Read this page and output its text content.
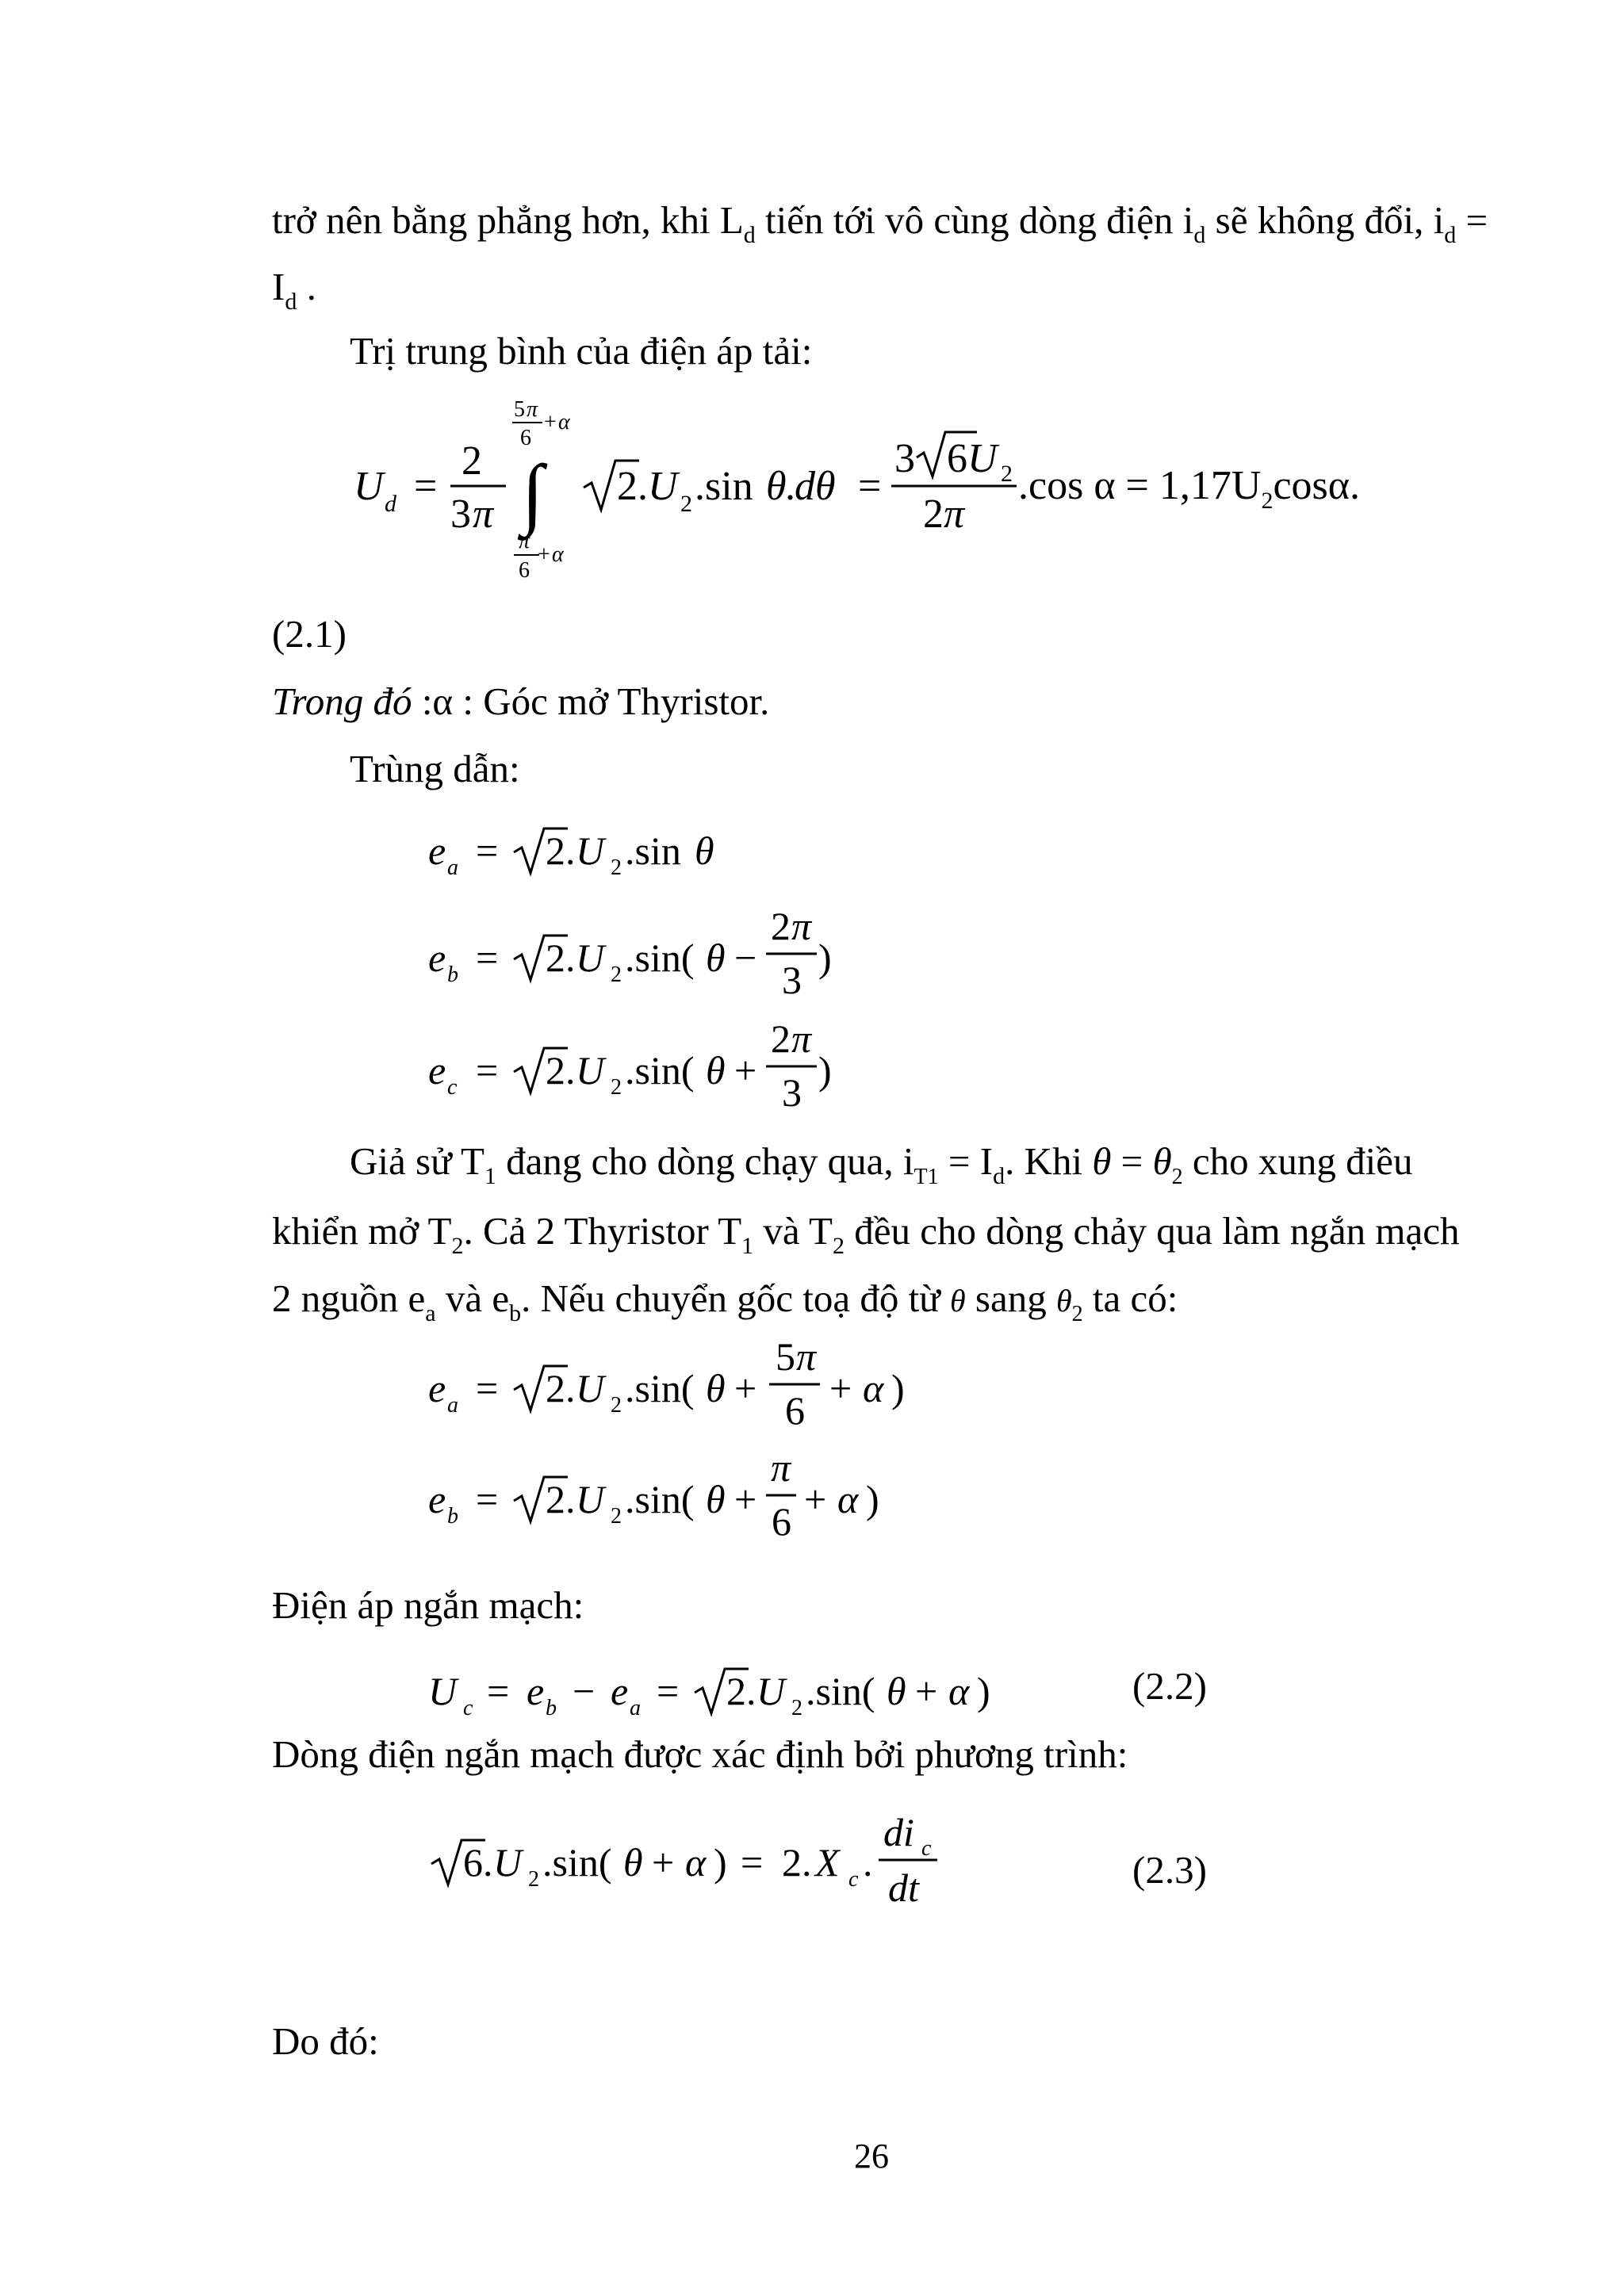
trở nên bằng phẳng hơn, khi $L_d$ tiến tới vô cùng dòng điện $i_d$ sẽ không đổi, $i_d$ =
$I_d$ .
Trị trung bình của điện áp tải:
U d =
2
3 π
5 π
6
+ α
∫
π
6
+ α
2. U 2 .sin θ
. dθ =
3 6 U 2
2 π
.cos $\alpha = 1,17U_2\cos\alpha$.
(2.1)
Trong đó :α : Góc mở Thyristor.
Trùng dẫn:
e a = 2. U 2 .sin θ
e b = 2. U 2 .sin( θ −
2 π
3 )
e c = 2. U 2 .sin( θ +
2 π
3 )
Giả sử $T_1$ đang cho dòng chạy qua, $i_{T1} = I_d$. Khi $\theta = \theta_2$ cho xung điều
khiển mở $T_2$. Cả 2 Thyristor $T_1$ và $T_2$ đều cho dòng chảy qua làm ngắn mạch
2 nguồn $e_a$ và $e_b$. Nếu chuyển gốc toạ độ từ θ sang $\theta_2$ ta có:
e a = 2. U 2 .sin( θ +
5 π
6 + α )
e b = 2. U 2 .sin( θ +
π
6 + α )
Điện áp ngắn mạch:
U c = e b − e a = 2. U 2 .sin( θ + α )	(2.2)
Dòng điện ngắn mạch được xác định bởi phương trình:
6. U 2 .sin( θ + α ) = 2. X c .
di c
dt	(2.3)
Do đó:
26
